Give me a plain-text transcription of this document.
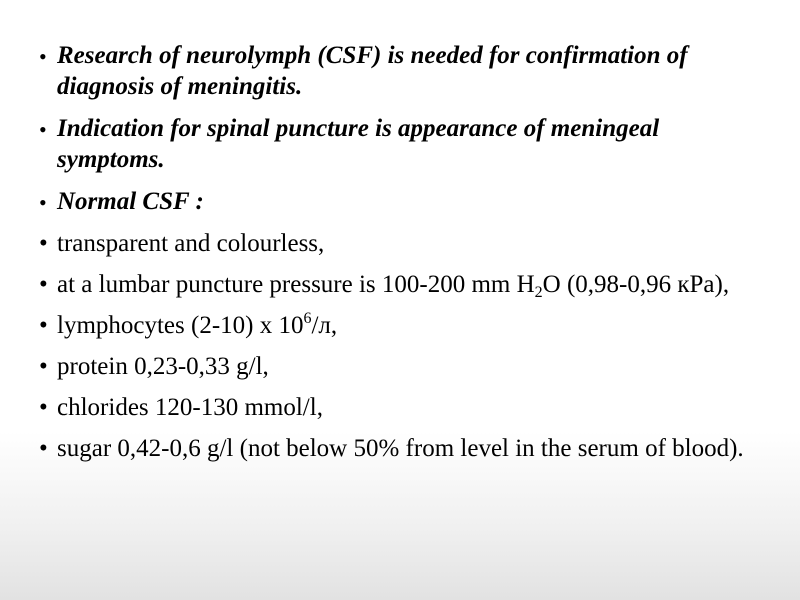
• Research of neurolymph (CSF) is needed for confirmation of diagnosis of meningitis.
• Indication for spinal puncture is appearance of meningeal symptoms.
• Normal CSF :
• transparent and colourless,
• at a lumbar puncture pressure is 100-200 mm $H_2O$ (0,98-0,96 кPa),
• lymphocytes (2-10) x $10^6/л$,
• protein 0,23-0,33 g/l,
• chlorides 120-130 mmol/l,
• sugar 0,42-0,6 g/l (not below 50% from level in the serum of blood).
